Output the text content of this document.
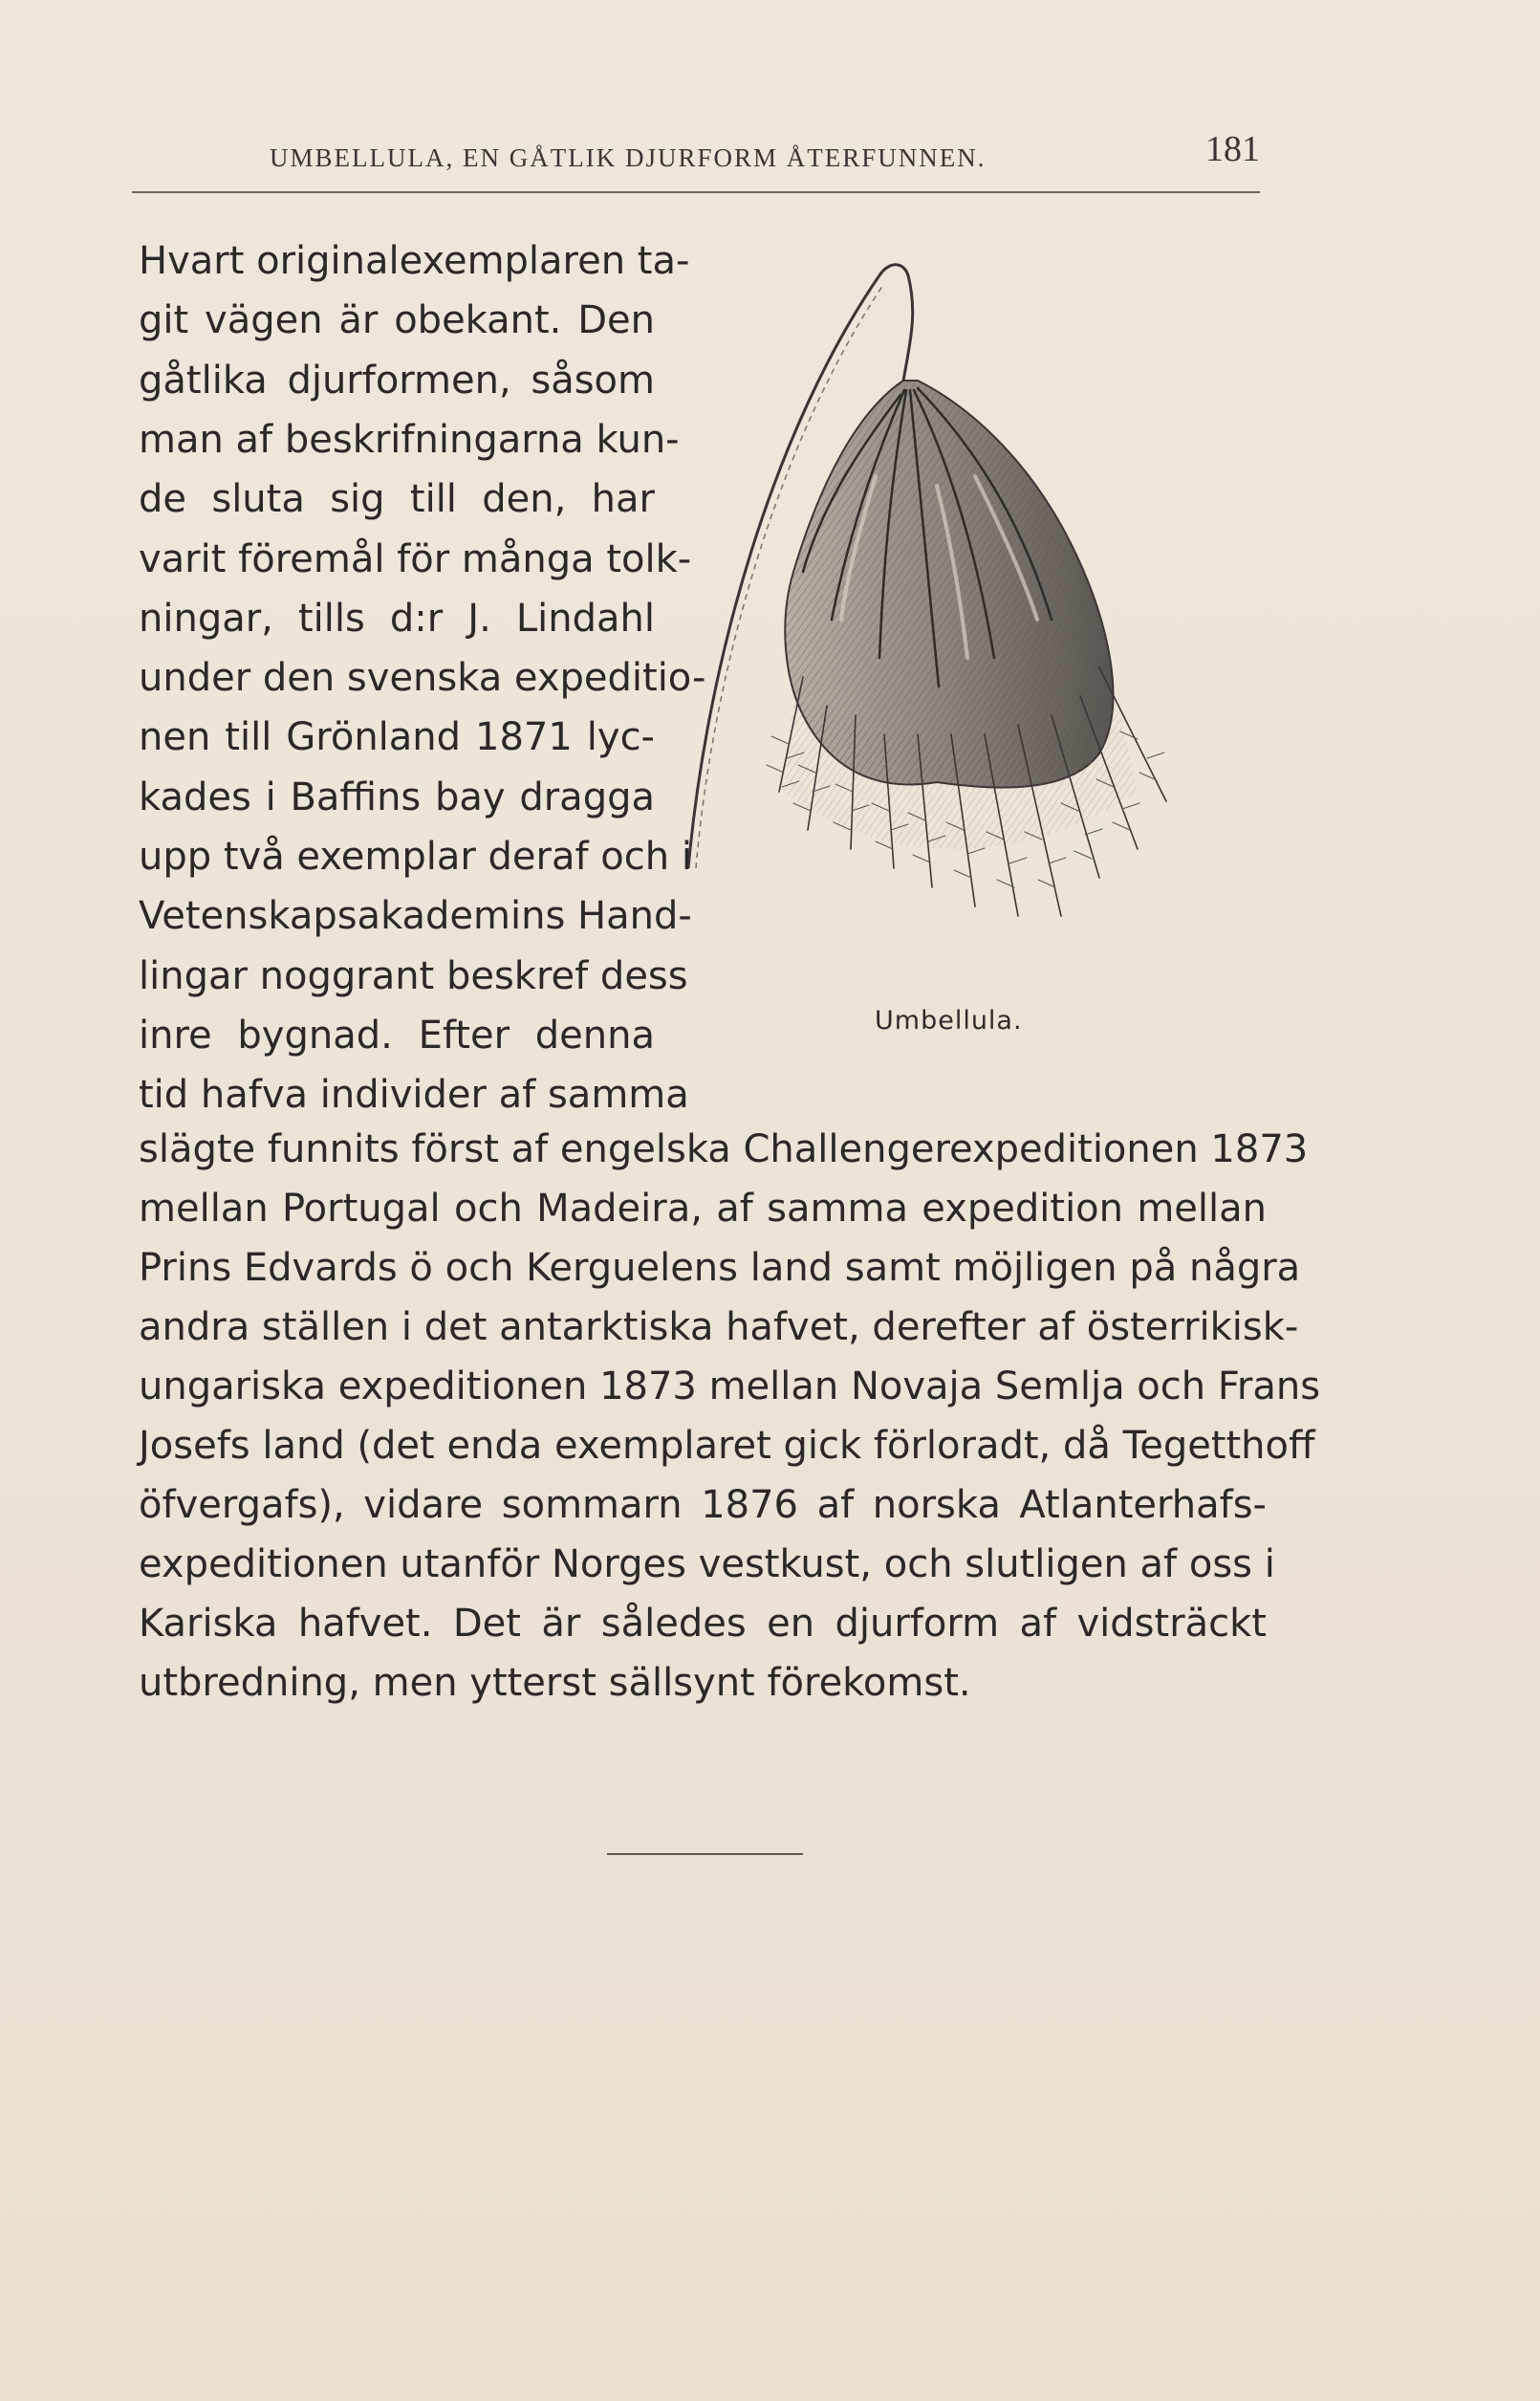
UMBELLULA, EN GÅTLIK DJURFORM ÅTERFUNNEN.	181
Hvart originalexemplaren ta-
git vägen är obekant. Den
gåtlika djurformen, såsom
man af beskrifningarna kun-
de sluta sig till den, har
varit föremål för många tolk-
ningar, tills d:r J. Lindahl
under den svenska expeditio-
nen till Grönland 1871 lyc-
kades i Baffins bay dragga
upp två exemplar deraf och i
Vetenskapsakademins Hand-
lingar noggrant beskref dess
inre bygnad. Efter denna
tid hafva individer af samma
slägte funnits först af engelska Challengerexpeditionen 1873
mellan Portugal och Madeira, af samma expedition mellan
Prins Edvards ö och Kerguelens land samt möjligen på några
andra ställen i det antarktiska hafvet, derefter af österrikisk-
ungariska expeditionen 1873 mellan Novaja Semlja och Frans
Josefs land (det enda exemplaret gick förloradt, då Tegetthoff
öfvergafs), vidare sommarn 1876 af norska Atlanterhafs-
expeditionen utanför Norges vestkust, och slutligen af oss i
Kariska hafvet. Det är således en djurform af vidsträckt
utbredning, men ytterst sällsynt förekomst.
Umbellula.
